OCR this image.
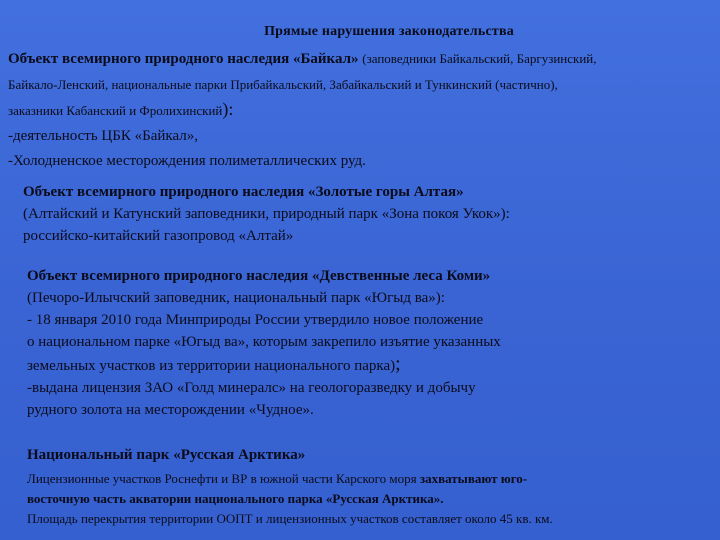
Прямые нарушения законодательства
Объект всемирного природного наследия «Байкал» (заповедники Байкальский, Баргузинский,
Байкало-Ленский, национальные парки Прибайкальский, Забайкальский и Тункинский (частично),
заказники Кабанский и Фролихинский):
-деятельность ЦБК «Байкал»,
-Холодненское месторождения полиметаллических руд.
Объект всемирного природного наследия «Золотые горы Алтая»
(Алтайский и Катунский заповедники, природный парк «Зона покоя Укок»):
российско-китайский газопровод «Алтай»
Объект всемирного природного наследия «Девственные леса Коми»
(Печоро-Илычский заповедник, национальный парк «Югыд ва»):
- 18 января 2010 года Минприроды России утвердило новое положение
о национальном парке «Югыд ва», которым закрепило изъятие указанных
земельных участков из территории национального парка);
-выдана лицензия ЗАО «Голд минералс» на геологоразведку и добычу
рудного золота на месторождении «Чудное».
Национальный парк «Русская Арктика»
Лицензионные участков Роснефти и ВР в южной части Карского моря захватывают юго-
восточную часть акватории национального парка «Русская Арктика».
Площадь перекрытия территории ООПТ и лицензионных участков составляет около 45 кв. км.
